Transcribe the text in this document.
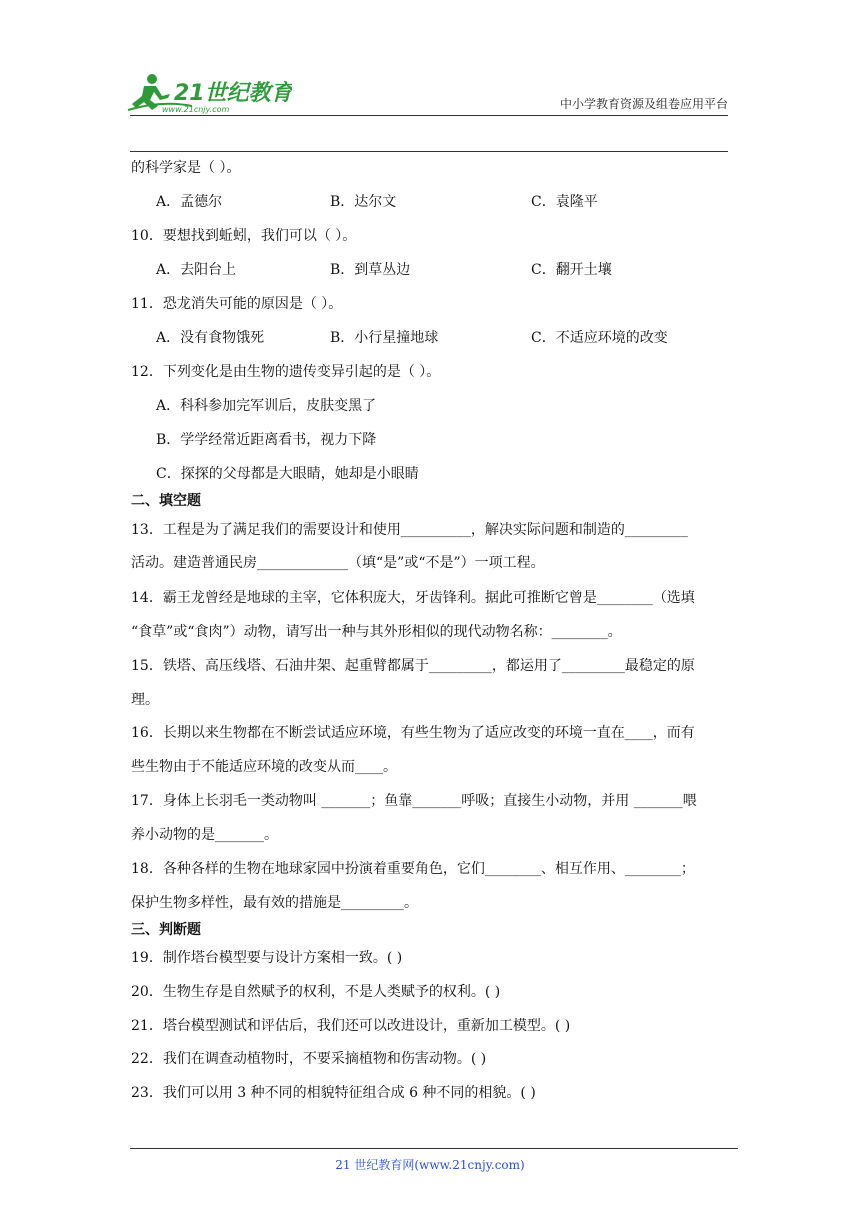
21世纪教育
www.21cnjy.com	中小学教育资源及组卷应用平台
的科学家是（ ）。
A．孟德尔	B．达尔文	C．袁隆平
10．要想找到蚯蚓，我们可以（ ）。
A．去阳台上	B．到草丛边	C．翻开土壤
11．恐龙消失可能的原因是（ ）。
A．没有食物饿死	B．小行星撞地球	C．不适应环境的改变
12．下列变化是由生物的遗传变异引起的是（ ）。
A．科科参加完军训后，皮肤变黑了
B．学学经常近距离看书，视力下降
C．探探的父母都是大眼睛，她却是小眼睛
二、填空题
13．工程是为了满足我们的需要设计和使用__________，解决实际问题和制造的_________
活动。建造普通民房_____________（填“是”或“不是”）一项工程。
14．霸王龙曾经是地球的主宰，它体积庞大，牙齿锋利。据此可推断它曾是________（选填
“食草”或“食肉”）动物，请写出一种与其外形相似的现代动物名称：________。
15．铁塔、高压线塔、石油井架、起重臂都属于_________，都运用了_________最稳定的原
理。
16．长期以来生物都在不断尝试适应环境，有些生物为了适应改变的环境一直在____，而有
些生物由于不能适应环境的改变从而____。
17．身体上长羽毛一类动物叫 _______；鱼靠_______呼吸；直接生小动物，并用 _______喂
养小动物的是_______。
18．各种各样的生物在地球家园中扮演着重要角色，它们________、相互作用、________；
保护生物多样性，最有效的措施是_________。
三、判断题
19．制作塔台模型要与设计方案相一致。( )
20．生物生存是自然赋予的权利，不是人类赋予的权利。( )
21．塔台模型测试和评估后，我们还可以改进设计，重新加工模型。( )
22．我们在调查动植物时，不要采摘植物和伤害动物。( )
23．我们可以用 3 种不同的相貌特征组合成 6 种不同的相貌。( )
21 世纪教育网(www.21cnjy.com)
